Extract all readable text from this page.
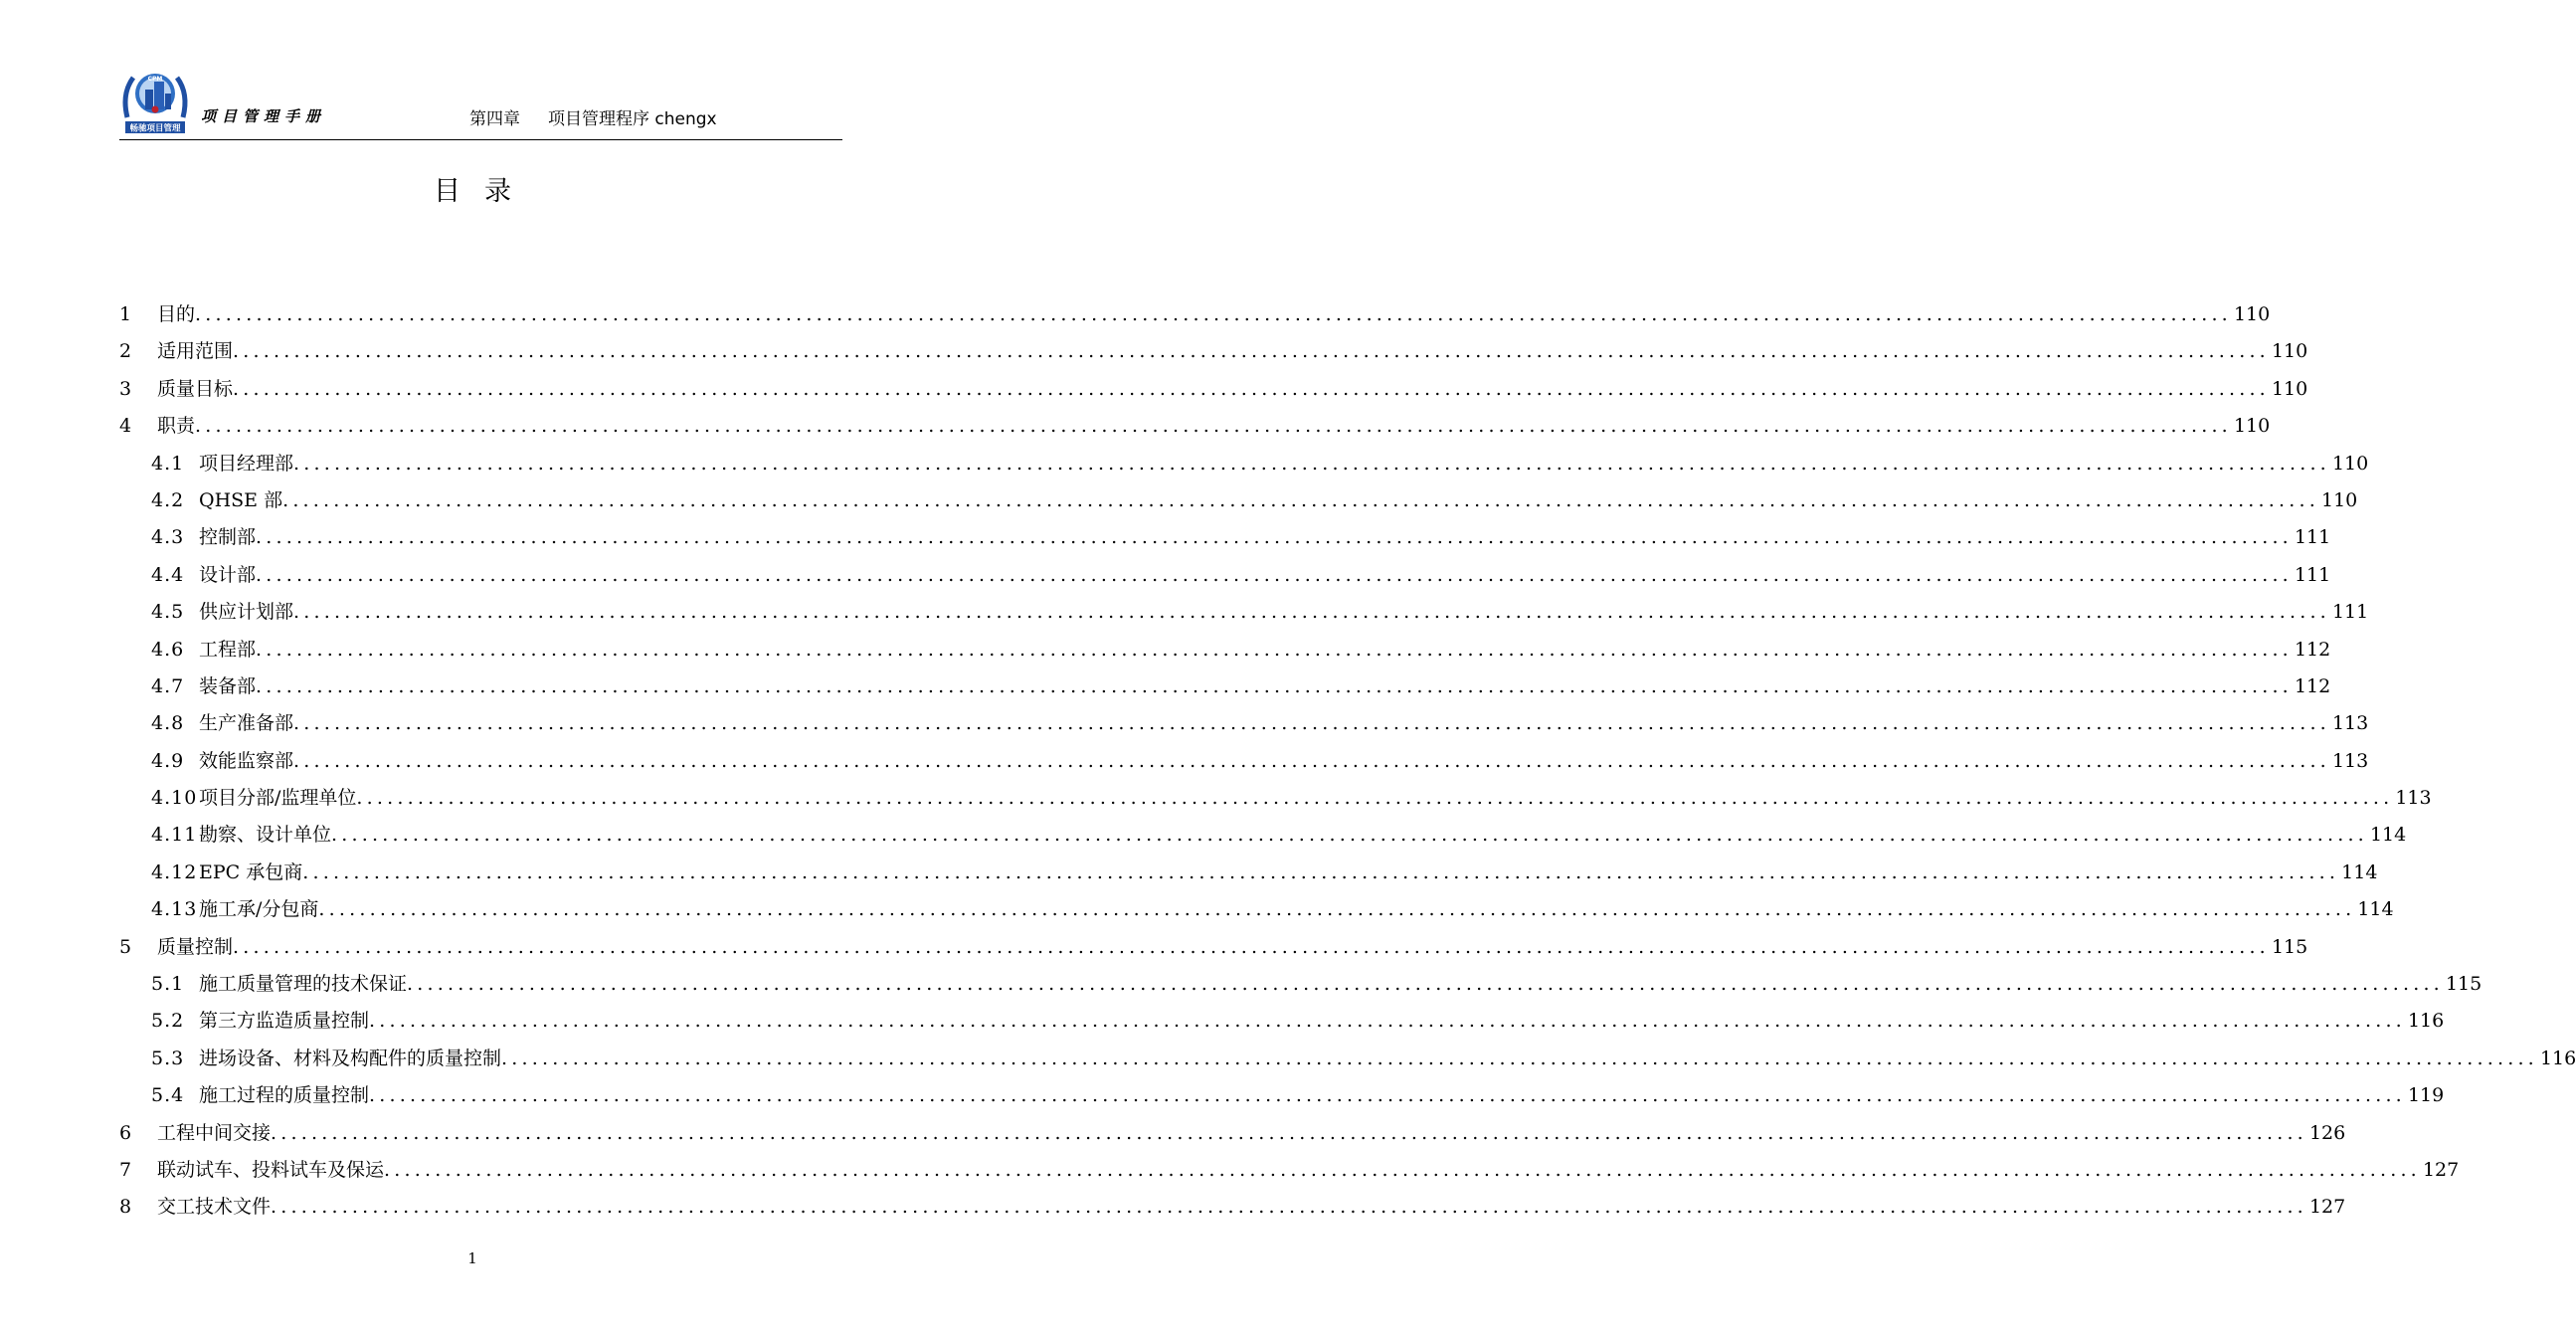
CPM
畅驰项目管理
项目管理手册	第四章 项目管理程序 chengx
目录
1	目的 ........................................................................................................................................................................................................ 110
2	适用范围 ........................................................................................................................................................................................................ 110
3	质量目标 ........................................................................................................................................................................................................ 110
4	职责 ........................................................................................................................................................................................................ 110
4.1 项目经理部 ........................................................................................................................................................................................................ 110
4.2 QHSE 部 ........................................................................................................................................................................................................ 110
4.3 控制部 ........................................................................................................................................................................................................ 111
4.4 设计部 ........................................................................................................................................................................................................ 111
4.5 供应计划部 ........................................................................................................................................................................................................ 111
4.6 工程部 ........................................................................................................................................................................................................ 112
4.7 装备部 ........................................................................................................................................................................................................ 112
4.8 生产准备部 ........................................................................................................................................................................................................ 113
4.9 效能监察部 ........................................................................................................................................................................................................ 113
4.10 项目分部/监理单位 ........................................................................................................................................................................................................ 113
4.11 勘察、设计单位 ........................................................................................................................................................................................................ 114
4.12 EPC 承包商 ........................................................................................................................................................................................................ 114
4.13 施工承/分包商 ........................................................................................................................................................................................................ 114
5	质量控制 ........................................................................................................................................................................................................ 115
5.1 施工质量管理的技术保证 ........................................................................................................................................................................................................ 115
5.2 第三方监造质量控制 ........................................................................................................................................................................................................ 116
5.3 进场设备、材料及构配件的质量控制 ........................................................................................................................................................................................................ 116
5.4 施工过程的质量控制 ........................................................................................................................................................................................................ 119
6	工程中间交接 ........................................................................................................................................................................................................ 126
7	联动试车、投料试车及保运 ........................................................................................................................................................................................................ 127
8	交工技术文件 ........................................................................................................................................................................................................ 127
1
